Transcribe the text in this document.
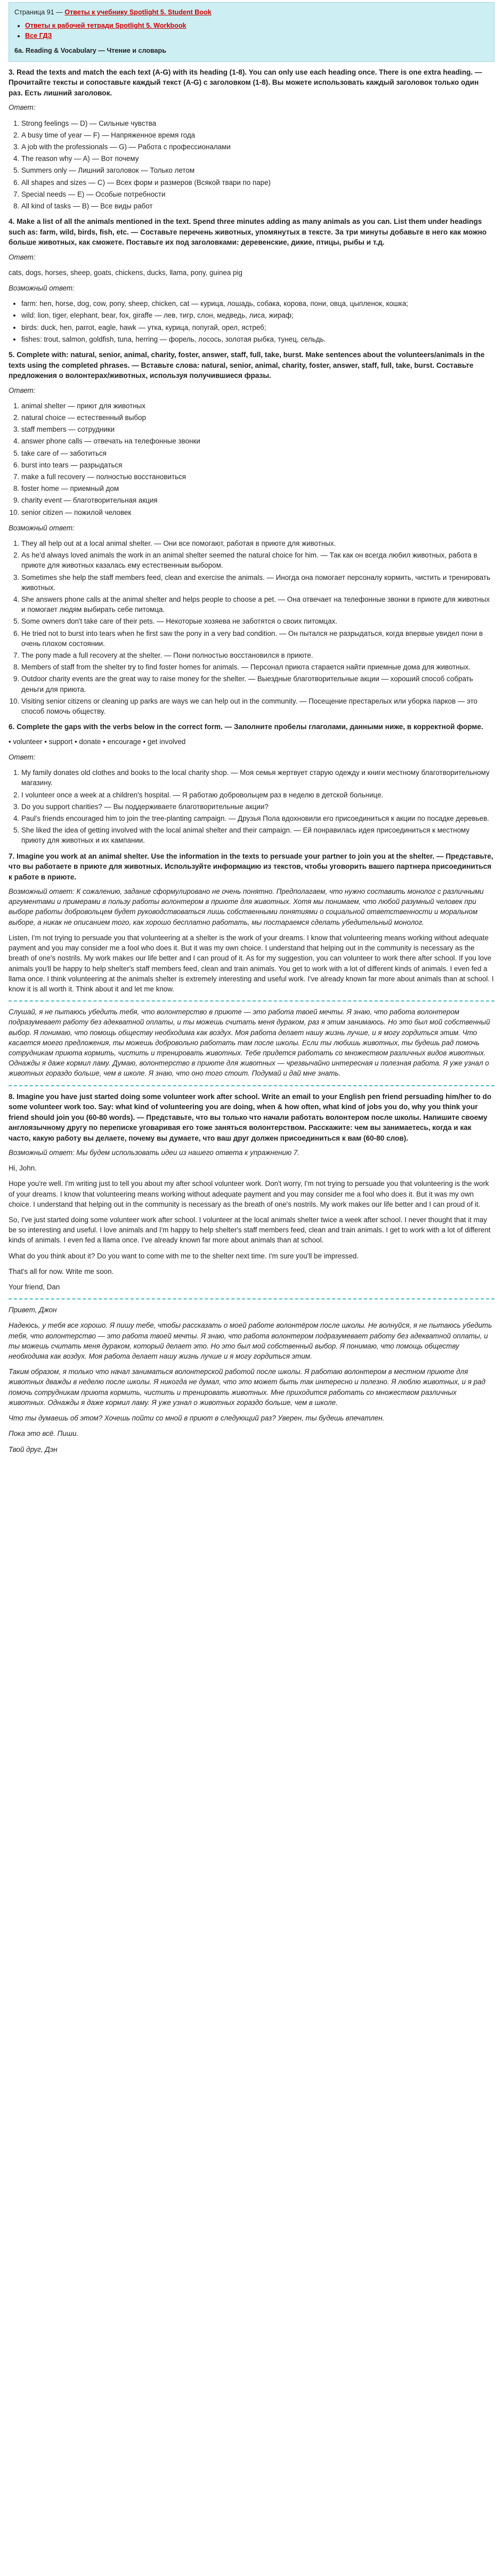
Страница 91 — Ответы к учебнику Spotlight 5. Student Book
• Ответы к рабочей тетради Spotlight 5. Workbook
• Все ГДЗ
6a. Reading & Vocabulary — Чтение и словарь
3. Read the texts and match the each text (A-G) with its heading (1-8). You can only use each heading once. There is one extra heading. — Прочитайте тексты и сопоставьте каждый текст (A-G) с заголовком (1-8). Вы можете использовать каждый заголовок только один раз. Есть лишний заголовок.
Ответ:
1. Strong feelings — D) — Сильные чувства
2. A busy time of year — F) — Напряженное время года
3. A job with the professionals — G) — Работа с профессионалами
4. The reason why — A) — Вот почему
5. Summers only — Лишний заголовок — Только летом
6. All shapes and sizes — C) — Всех форм и размеров (Всякой твари по паре)
7. Special needs — E) — Особые потребности
8. All kind of tasks — B) — Все виды работ
4. Make a list of all the animals mentioned in the text. Spend three minutes adding as many animals as you can. List them under headings such as: farm, wild, birds, fish, etc. — Составьте перечень животных, упомянутых в тексте. За три минуты добавьте в него как можно больше животных, как сможете. Поставьте их под заголовками: деревенские, дикие, птицы, рыбы и т.д.
Ответ:

cats, dogs, horses, sheep, goats, chickens, ducks, llama, pony, guinea pig

Возможный ответ:
• farm: hen, horse, dog, cow, pony, sheep, chicken, cat — курица, лошадь, собака, корова, пони, овца, цыпленок, кошка;
• wild: lion, tiger, elephant, bear, fox, giraffe — лев, тигр, слон, медведь, лиса, жираф;
• birds: duck, hen, parrot, eagle, hawk — утка, курица, попугай, орел, ястреб;
• fishes: trout, salmon, goldfish, tuna, herring — форель, лосось, золотая рыбка, тунец, сельдь.
5. Complete with: natural, senior, animal, charity, foster, answer, staff, full, take, burst. Make sentences about the volunteers/animals in the texts using the completed phrases. — Вставьте слова: natural, senior, animal, charity, foster, answer, staff, full, take, burst. Составьте предложения о волонтерах/животных, используя получившиеся фразы.
Ответ:
1. animal shelter — приют для животных
2. natural choice — естественный выбор
3. staff members — сотрудники
4. answer phone calls — отвечать на телефонные звонки
5. take care of — заботиться
6. burst into tears — разрыдаться
7. make a full recovery — полностью восстановиться
8. foster home — приемный дом
9. charity event — благотворительная акция
10. senior citizen — пожилой человек
Возможный ответ:
1. They all help out at a local animal shelter. — Они все помогают, работая в приюте для животных.
2. As he'd always loved animals the work in an animal shelter seemed the natural choice for him. — Так как он всегда любил животных, работа в приюте для животных казалась ему естественным выбором.
3. Sometimes she help the staff members feed, clean and exercise the animals. — Иногда она помогает персоналу кормить, чистить и тренировать животных.
4. She answers phone calls at the animal shelter and helps people to choose a pet. — Она отвечает на телефонные звонки в приюте для животных и помогает людям выбирать себе питомца.
5. Some owners don't take care of their pets. — Некоторые хозяева не заботятся о своих питомцах.
6. He tried not to burst into tears when he first saw the pony in a very bad condition. — Он пытался не разрыдаться, когда впервые увидел пони в очень плохом состоянии.
7. The pony made a full recovery at the shelter. — Пони полностью восстановился в приюте.
8. Members of staff from the shelter try to find foster homes for animals. — Персонал приюта старается найти приемные дома для животных.
9. Outdoor charity events are the great way to raise money for the shelter. — Выездные благотворительные акции — хороший способ собрать деньги для приюта.
10. Visiting senior citizens or cleaning up parks are ways we can help out in the community. — Посещение престарелых или уборка парков — это способ помочь обществу.
6. Complete the gaps with the verbs below in the correct form. — Заполните пробелы глаголами, данными ниже, в корректной форме.
• volunteer • support • donate • encourage • get involved
Ответ:
1. My family donates old clothes and books to the local charity shop. — Моя семья жертвует старую одежду и книги местному благотворительному магазину.
2. I volunteer once a week at a children's hospital. — Я работаю добровольцем раз в неделю в детской больнице.
3. Do you support charities? — Вы поддерживаете благотворительные акции?
4. Paul's friends encouraged him to join the tree-planting campaign. — Друзья Пола вдохновили его присоединиться к акции по посадке деревьев.
5. She liked the idea of getting involved with the local animal shelter and their campaign. — Ей понравилась идея присоединиться к местному приюту для животных и их кампании.
7. Imagine you work at an animal shelter. Use the information in the texts to persuade your partner to join you at the shelter. — Представьте, что вы работаете в приюте для животных. Используйте информацию из текстов, чтобы уговорить вашего партнера присоединиться к работе в приюте.

Возможный ответ: К сожалению, задание сформулировано не очень понятно. Предполагаем, что нужно составить монолог с различными аргументами и примерами в пользу работы волонтером в приюте для животных. Хотя мы понимаем, что любой разумный человек при выборе работы добровольцем будет руководствоваться лишь собственными понятиями о социальной ответственности и моральном выборе, а никак не описанием того, как хорошо бесплатно работать, мы постараемся сделать убедительный монолог.

Listen, I'm not trying to persuade you that volunteering at a shelter is the work of your dreams. I know that volunteering means working without adequate payment and you may consider me a fool who does it. But it was my own choice. I understand that helping out in the community is necessary as the breath of one's nostrils. My work makes our life better and I can proud of it. As for my suggestion, you can volunteer to work there after school. If you love animals you'll be happy to help shelter's staff members feed, clean and train animals. You get to work with a lot of different kinds of animals. I even fed a llama once. I think volunteering at the animals shelter is extremely interesting and useful work. I've already known far more about animals than at school. I know it is all worth it. Think about it and let me know.

Слушай, я не пытаюсь убедить тебя, что волонтерство в приюте — это работа твоей мечты. Я знаю, что работа волонтером подразумевает работу без адекватной оплаты, и ты можешь считать меня дураком, раз я этим занимаюсь. Но это был мой собственный выбор. Я понимаю, что помощь обществу необходима как воздух. Моя работа делает нашу жизнь лучше, и я могу гордиться этим. Что касается моего предложения, ты можешь добровольно работать там после школы. Если ты любишь животных, ты будешь рад помочь сотрудникам приюта кормить, чистить и тренировать животных. Тебе придется работать со множеством различных видов животных. Однажды я даже кормил ламу. Думаю, волонтерство в приюте для животных — чрезвычайно интересная и полезная работа. Я уже узнал о животных гораздо больше, чем в школе. Я знаю, что оно того стоит. Подумай и дай мне знать.

8. Imagine you have just started doing some volunteer work after school. Write an email to your English pen friend persuading him/her to do some volunteer work too. Say: what kind of volunteering you are doing, when & how often, what kind of jobs you do, why you think your friend should join you (60-80 words). — Представьте, что вы только что начали работать волонтером после школы. Напишите своему англоязычному другу по переписке уговаривая его тоже заняться волонтерством. Расскажите: чем вы занимаетесь, когда и как часто, какую работу вы делаете, почему вы думаете, что ваш друг должен присоединиться к вам (60-80 слов).

Возможный ответ: Мы будем использовать идеи из нашего ответа к упражнению 7.

Hi, John.

Hope you're well. I'm writing just to tell you about my after school volunteer work. Don't worry, I'm not trying to persuade you that volunteering is the work of your dreams. I know that volunteering means working without adequate payment and you may consider me a fool who does it. But it was my own choice. I understand that helping out in the community is necessary as the breath of one's nostrils. My work makes our life better and I can proud of it.

So, I've just started doing some volunteer work after school. I volunteer at the local animals shelter twice a week after school. I never thought that it may be so interesting and useful. I love animals and I'm happy to help shelter's staff members feed, clean and train animals. I get to work with a lot of different kinds of animals. I even fed a llama once. I've already known far more about animals than at school.

What do you think about it? Do you want to come with me to the shelter next time. I'm sure you'll be impressed.

That's all for now. Write me soon.

Your friend, Dan

Привет, Джон

Надеюсь, у тебя все хорошо. Я пишу тебе, чтобы рассказать о моей работе волонтёром после школы. Не волнуйся, я не пытаюсь убедить тебя, что волонтерство — это работа твоей мечты. Я знаю, что работа волонтером подразумевает работу без адекватной оплаты, и ты можешь считать меня дураком, который делает это. Но это был мой собственный выбор. Я понимаю, что помощь обществу необходима как воздух. Моя работа делает нашу жизнь лучше и я могу гордиться этим.

Таким образом, я только что начал заниматься волонтерской работой после школы. Я работаю волонтером в местном приюте для животных дважды в неделю после школы. Я никогда не думал, что это может быть так интересно и полезно. Я люблю животных, и я рад помочь сотрудникам приюта кормить, чистить и тренировать животных. Мне приходится работать со множеством различных животных. Однажды я даже кормил ламу. Я уже узнал о животных гораздо больше, чем в школе.

Что ты думаешь об этом? Хочешь пойти со мной в приют в следующий раз? Уверен, ты будешь впечатлен.

Пока это всё. Пиши.

Твой друг, Дэн
